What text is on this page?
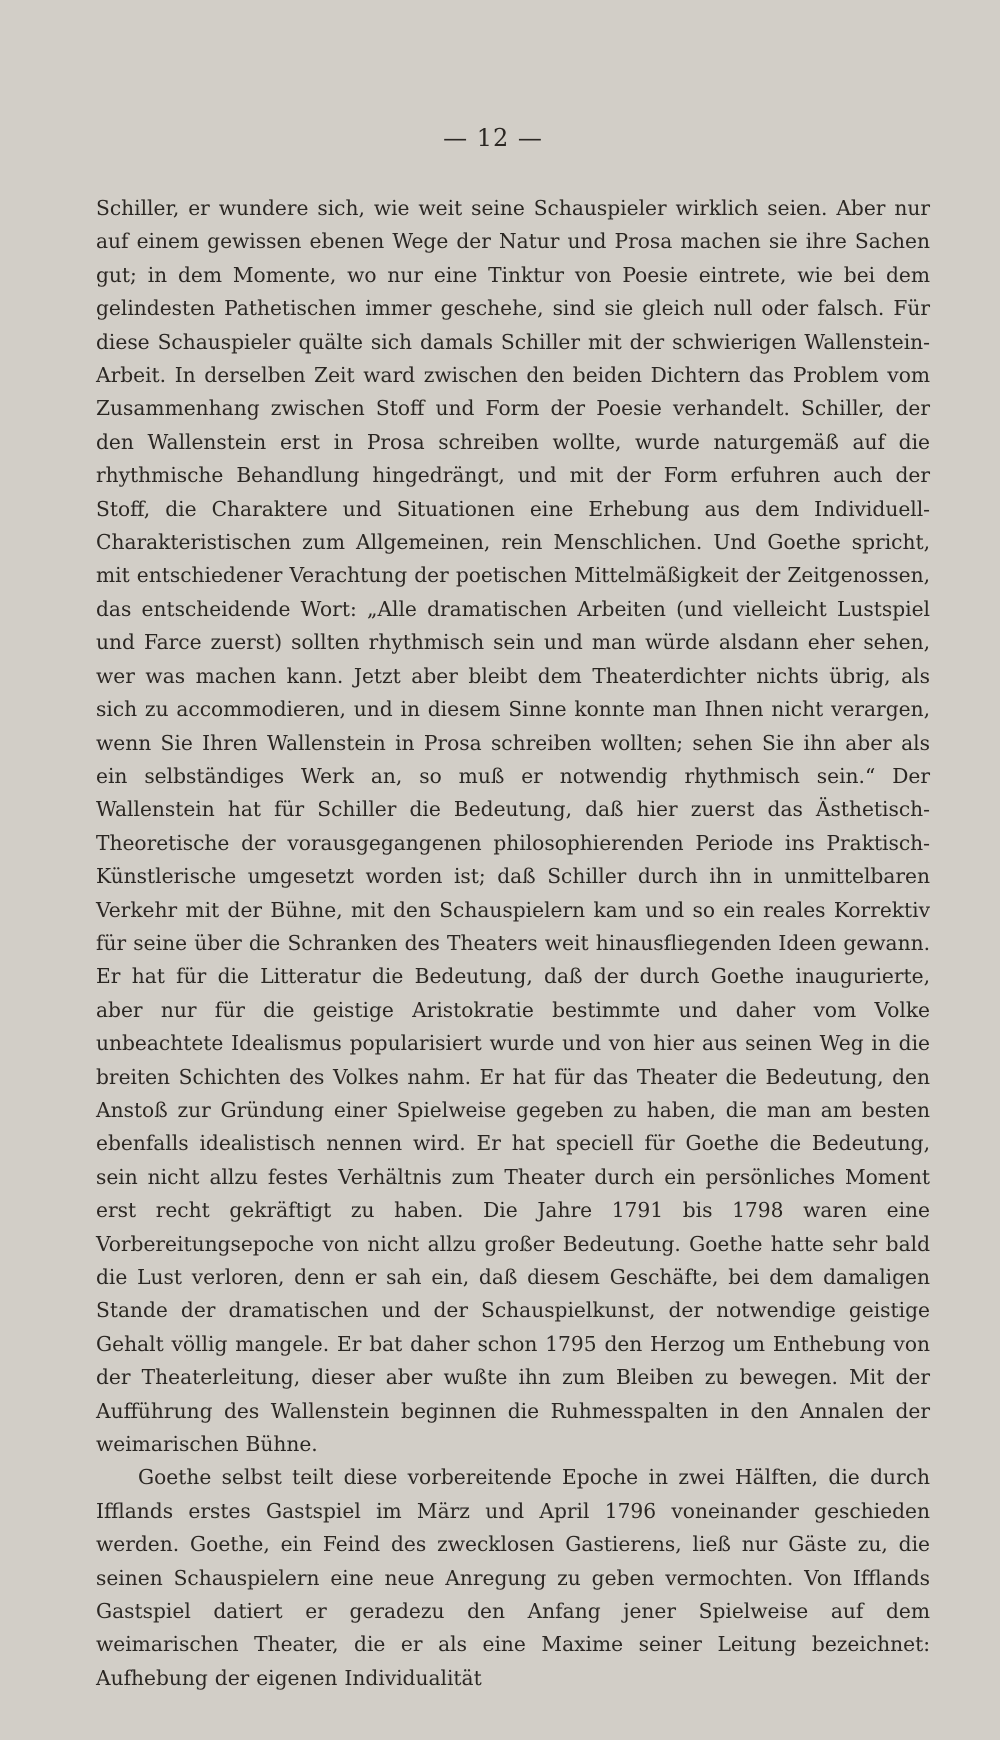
— 12 —

Schiller, er wundere sich, wie weit seine Schauspieler wirklich seien. Aber nur auf einem gewissen ebenen Wege der Natur und Prosa machen sie ihre Sachen gut; in dem Momente, wo nur eine Tinktur von Poesie eintrete, wie bei dem gelindesten Pathetischen immer geschehe, sind sie gleich null oder falsch. Für diese Schauspieler quälte sich damals Schiller mit der schwierigen Wallenstein-Arbeit. In derselben Zeit ward zwischen den beiden Dichtern das Problem vom Zusammenhang zwischen Stoff und Form der Poesie verhandelt. Schiller, der den Wallenstein erst in Prosa schreiben wollte, wurde naturgemäß auf die rhythmische Behandlung hingedrängt, und mit der Form erfuhren auch der Stoff, die Charaktere und Situationen eine Erhebung aus dem Individuell-Charakteristischen zum Allgemeinen, rein Menschlichen. Und Goethe spricht, mit entschiedener Verachtung der poetischen Mittelmäßigkeit der Zeitgenossen, das entscheidende Wort: „Alle dramatischen Arbeiten (und vielleicht Lustspiel und Farce zuerst) sollten rhythmisch sein und man würde alsdann eher sehen, wer was machen kann. Jetzt aber bleibt dem Theaterdichter nichts übrig, als sich zu accommodieren, und in diesem Sinne konnte man Ihnen nicht verargen, wenn Sie Ihren Wallenstein in Prosa schreiben wollten; sehen Sie ihn aber als ein selbständiges Werk an, so muß er notwendig rhythmisch sein.“ Der Wallenstein hat für Schiller die Bedeutung, daß hier zuerst das Ästhetisch-Theoretische der vorausgegangenen philosophierenden Periode ins Praktisch-Künstlerische umgesetzt worden ist; daß Schiller durch ihn in unmittelbaren Verkehr mit der Bühne, mit den Schauspielern kam und so ein reales Korrektiv für seine über die Schranken des Theaters weit hinausfliegenden Ideen gewann. Er hat für die Litteratur die Bedeutung, daß der durch Goethe inaugurierte, aber nur für die geistige Aristokratie bestimmte und daher vom Volke unbeachtete Idealismus popularisiert wurde und von hier aus seinen Weg in die breiten Schichten des Volkes nahm. Er hat für das Theater die Bedeutung, den Anstoß zur Gründung einer Spielweise gegeben zu haben, die man am besten ebenfalls idealistisch nennen wird. Er hat speciell für Goethe die Bedeutung, sein nicht allzu festes Verhältnis zum Theater durch ein persönliches Moment erst recht gekräftigt zu haben. Die Jahre 1791 bis 1798 waren eine Vorbereitungsepoche von nicht allzu großer Bedeutung. Goethe hatte sehr bald die Lust verloren, denn er sah ein, daß diesem Geschäfte, bei dem damaligen Stande der dramatischen und der Schauspielkunst, der notwendige geistige Gehalt völlig mangele. Er bat daher schon 1795 den Herzog um Enthebung von der Theaterleitung, dieser aber wußte ihn zum Bleiben zu bewegen. Mit der Aufführung des Wallenstein beginnen die Ruhmesspalten in den Annalen der weimarischen Bühne.

Goethe selbst teilt diese vorbereitende Epoche in zwei Hälften, die durch Ifflands erstes Gastspiel im März und April 1796 voneinander geschieden werden. Goethe, ein Feind des zwecklosen Gastierens, ließ nur Gäste zu, die seinen Schauspielern eine neue Anregung zu geben vermochten. Von Ifflands Gastspiel datiert er geradezu den Anfang jener Spielweise auf dem weimarischen Theater, die er als eine Maxime seiner Leitung bezeichnet: Aufhebung der eigenen Individualität
